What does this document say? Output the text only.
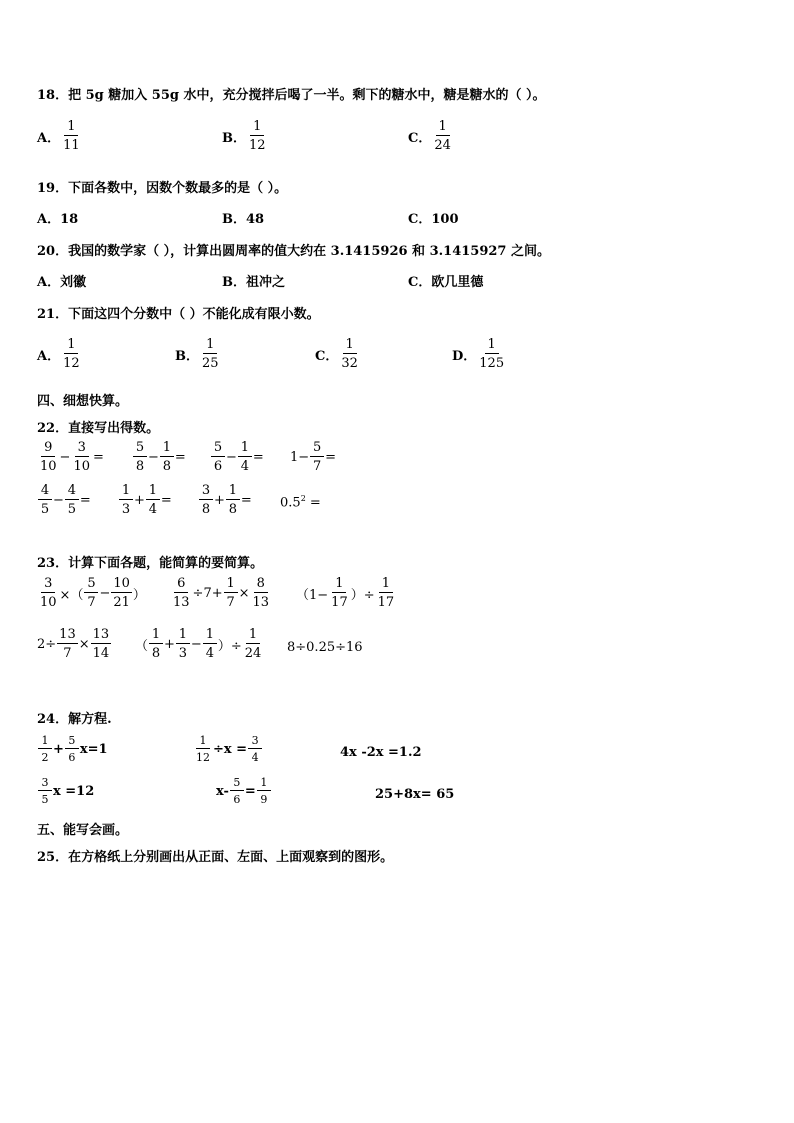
18．把 5g 糖加入 55g 水中，充分搅拌后喝了一半。剩下的糖水中，糖是糖水的（ ）。
A． $\frac{1}{11}$	B． $\frac{1}{12}$	C． $\frac{1}{24}$
19．下面各数中，因数个数最多的是（ ）。
A．18	B．48	C．100
20．我国的数学家（ ），计算出圆周率的值大约在 3.1415926 和 3.1415927 之间。
A．刘徽	B．祖冲之	C．欧几里德
21．下面这四个分数中（ ）不能化成有限小数。
A． $\frac{1}{12}$	B． $\frac{1}{25}$	C． $\frac{1}{32}$	D． $\frac{1}{125}$
四、细想快算。
22．直接写出得数。
$\frac{9}{10} - \frac{3}{10} = \frac{5}{8} - \frac{1}{8} = \frac{5}{6} - \frac{1}{4} = 1- \frac{5}{7}$ =
$\frac{4}{5} - \frac{4}{5} = \frac{1}{3} + \frac{1}{4} = \frac{3}{8} + \frac{1}{8} = 0.5^2$ =
23．计算下面各题，能简算的要简算。
$\frac{3}{10}$ ×（ $\frac{5}{7} - \frac{10}{21}$ ） $\frac{6}{13} \div 7+ \frac{1}{7} \times \frac{8}{13} (1- \frac{1}{17}$ ）÷ $\frac{1}{17}$
$2\div \frac{13}{7} \times \frac{13}{14}$ （ $\frac{1}{8} + \frac{1}{3} - \frac{1}{4}$ ）÷ $\frac{1}{24} 8\div 0.25\div 16$
24．解方程.
$\frac{1}{2} + \frac{5}{6} x=1$	$\frac{1}{12} \div x = \frac{3}{4}$	4x -2x =1.2
$\frac{3}{5}$ x =12	$x- \frac{5}{6} = \frac{1}{9}$	25+8x= 65
五、能写会画。
25．在方格纸上分别画出从正面、左面、上面观察到的图形。
